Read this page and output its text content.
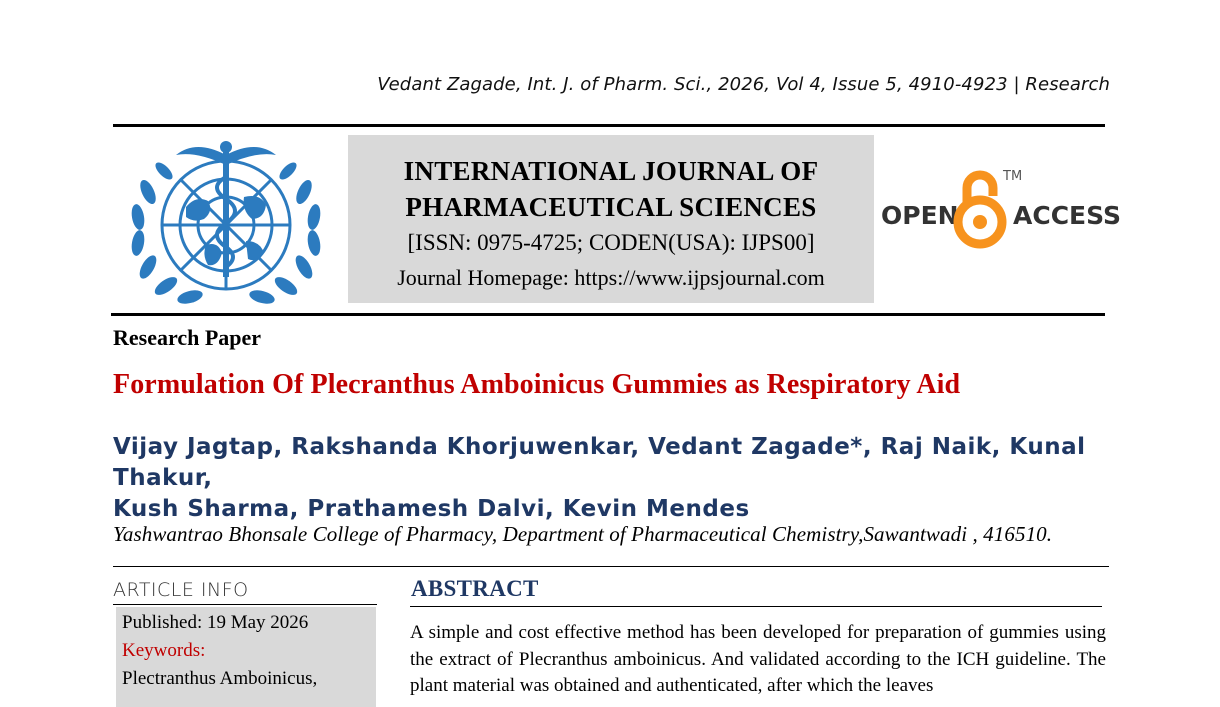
Vedant Zagade, Int. J. of Pharm. Sci., 2026, Vol 4, Issue 5, 4910-4923 | Research
INTERNATIONAL JOURNAL OF
PHARMACEUTICAL SCIENCES
[ISSN: 0975-4725; CODEN(USA): IJPS00]
Journal Homepage: https://www.ijpsjournal.com
OPEN
TM
ACCESS
Research Paper
Formulation Of Plecranthus Amboinicus Gummies as Respiratory Aid
Vijay Jagtap, Rakshanda Khorjuwenkar, Vedant Zagade*, Raj Naik, Kunal Thakur,
Kush Sharma, Prathamesh Dalvi, Kevin Mendes
Yashwantrao Bhonsale College of Pharmacy, Department of Pharmaceutical Chemistry,Sawantwadi , 416510.
ARTICLE INFO
Published: 19 May 2026
Keywords:
Plectranthus Amboinicus,
ABSTRACT
A simple and cost effective method has been developed for preparation of gummies using the extract of Plecranthus amboinicus. And validated according to the ICH guideline. The plant material was obtained and authenticated, after which the leaves
